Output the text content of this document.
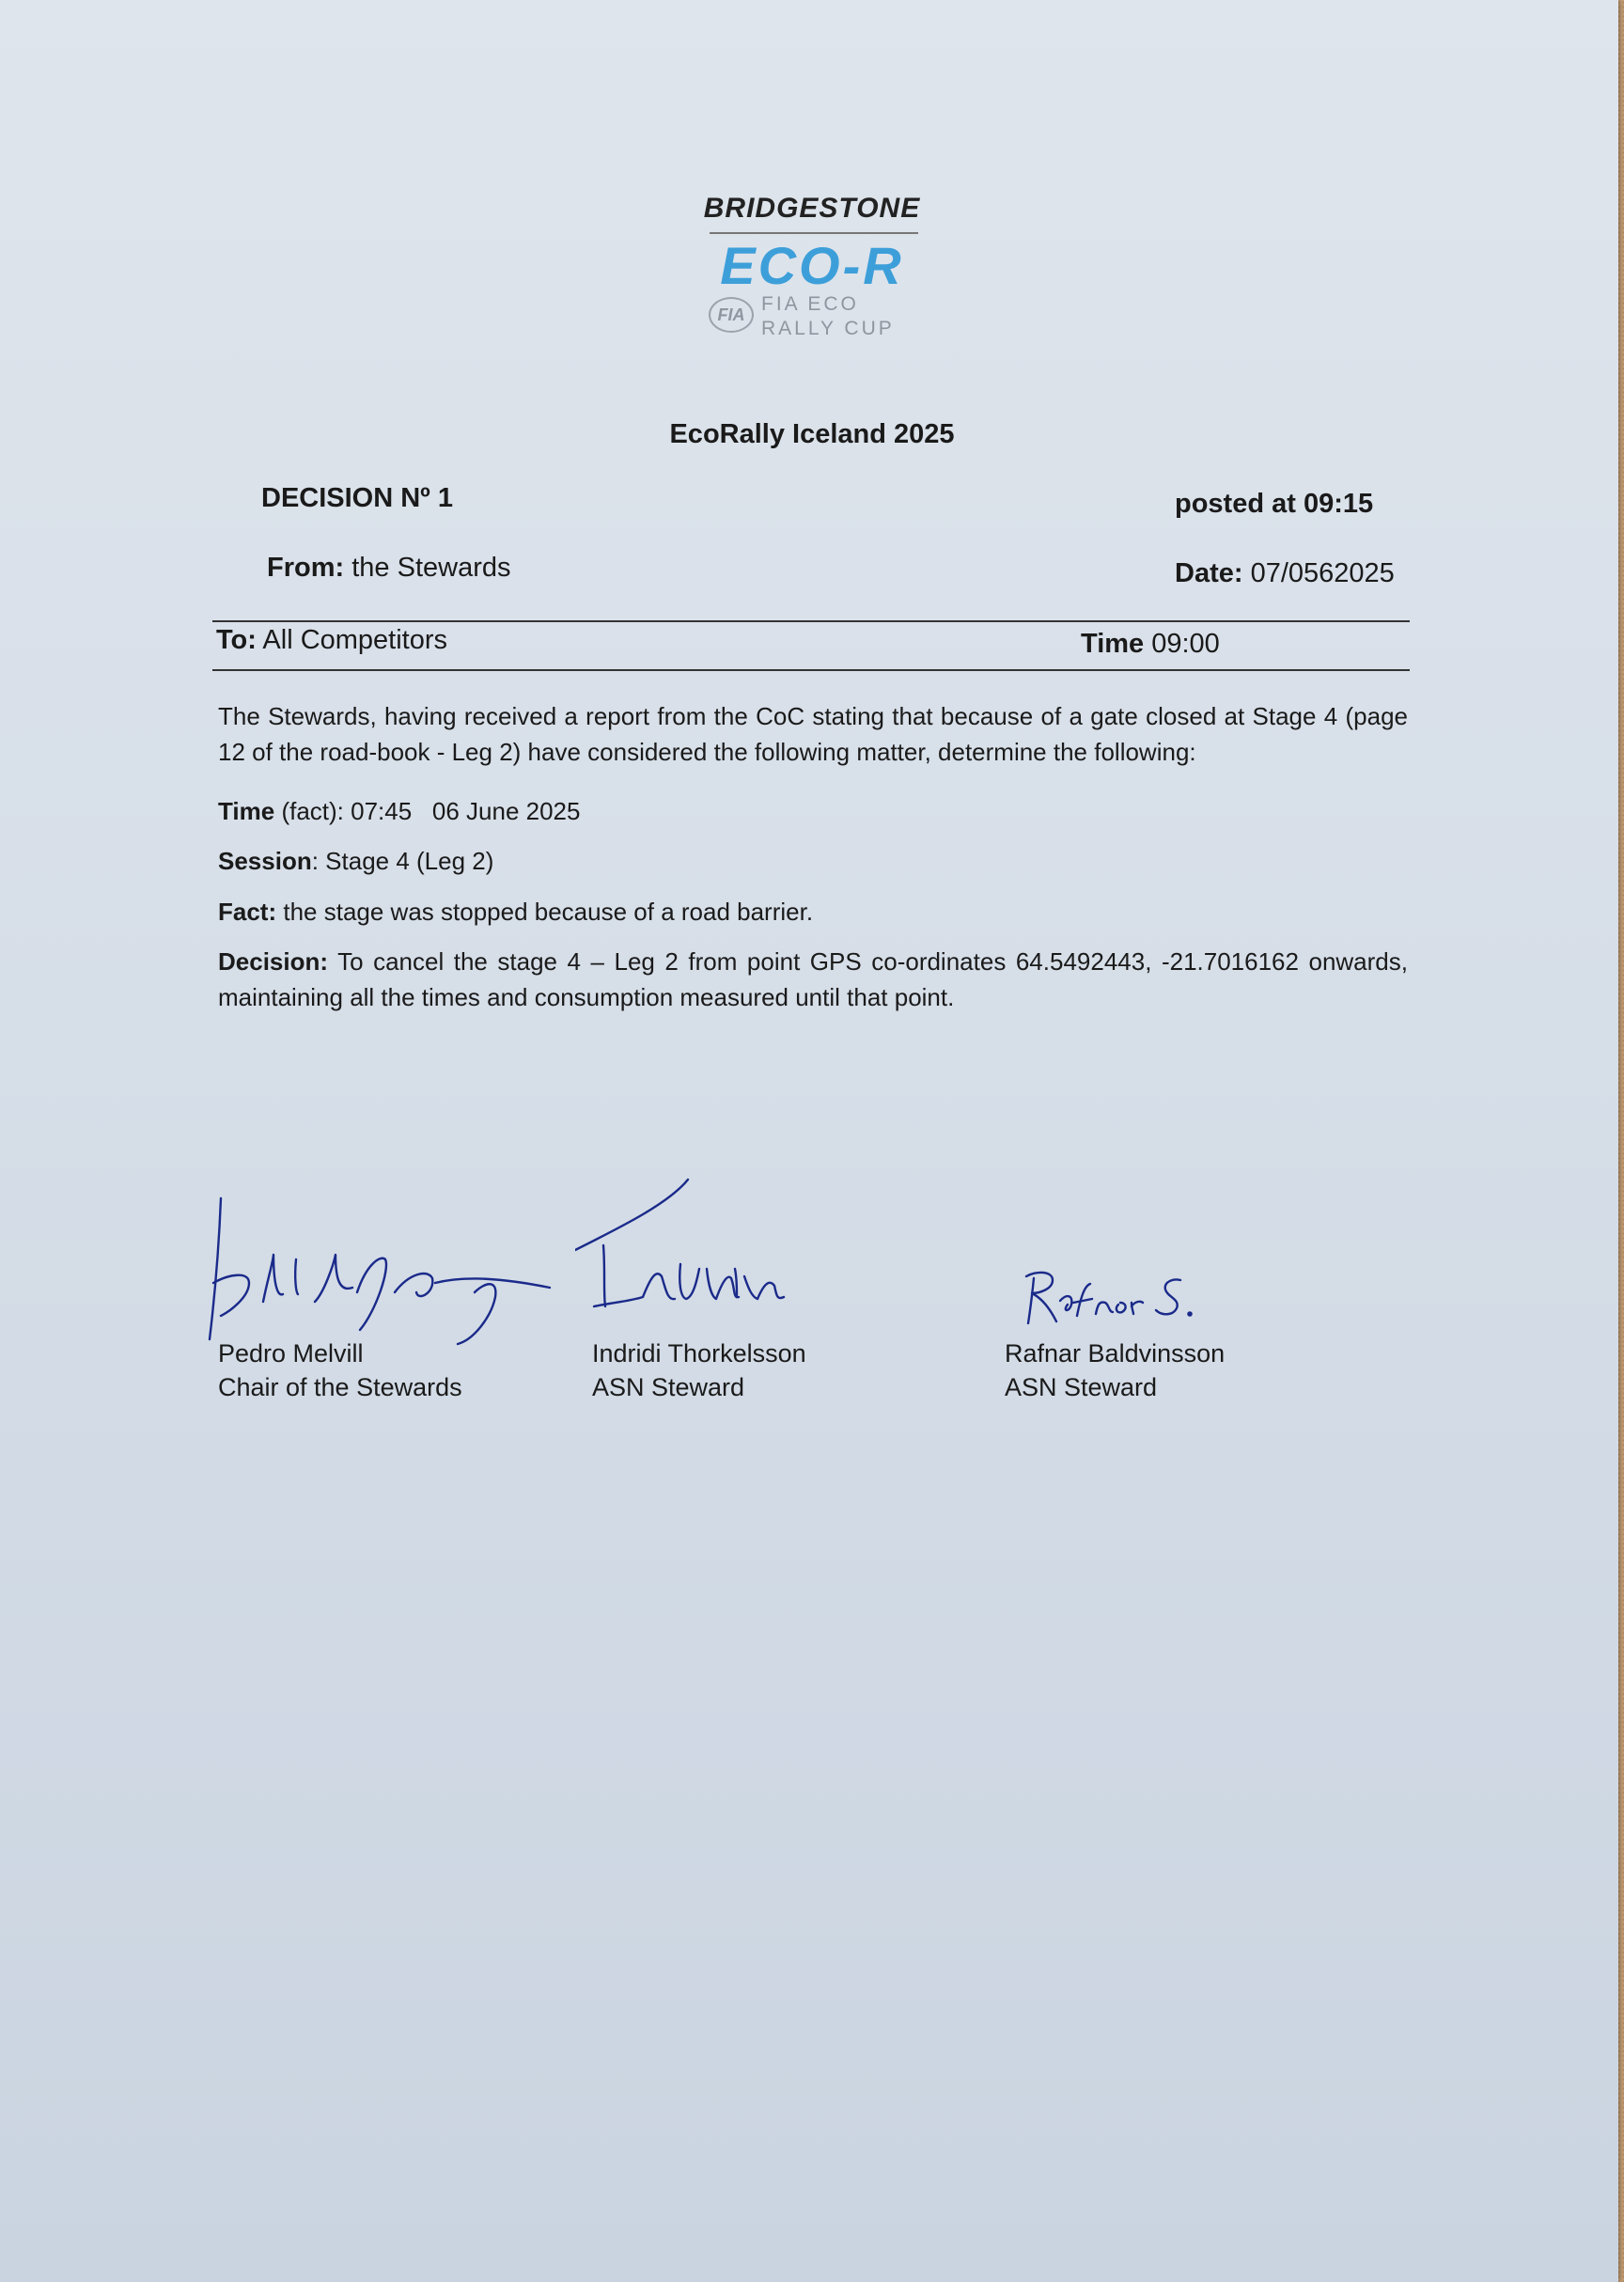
BRIDGESTONE
ECO-R
FIA FIA ECO
RALLY CUP
EcoRally Iceland 2025
DECISION Nº 1	posted at 09:15
From: the Stewards	Date: 07/0562025
To: All Competitors	Time 09:00
The Stewards, having received a report from the CoC stating that because of a gate closed at Stage 4 (page 12 of the road-book - Leg 2) have considered the following matter, determine the following:
Time (fact): 07:45   06 June 2025
Session: Stage 4 (Leg 2)
Fact: the stage was stopped because of a road barrier.
Decision: To cancel the stage 4 – Leg 2 from point GPS co-ordinates 64.5492443, -21.7016162 onwards, maintaining all the times and consumption measured until that point.
Pedro Melvill
Chair of the Stewards
Indridi Thorkelsson
ASN Steward
Rafnar Baldvinsson
ASN Steward
